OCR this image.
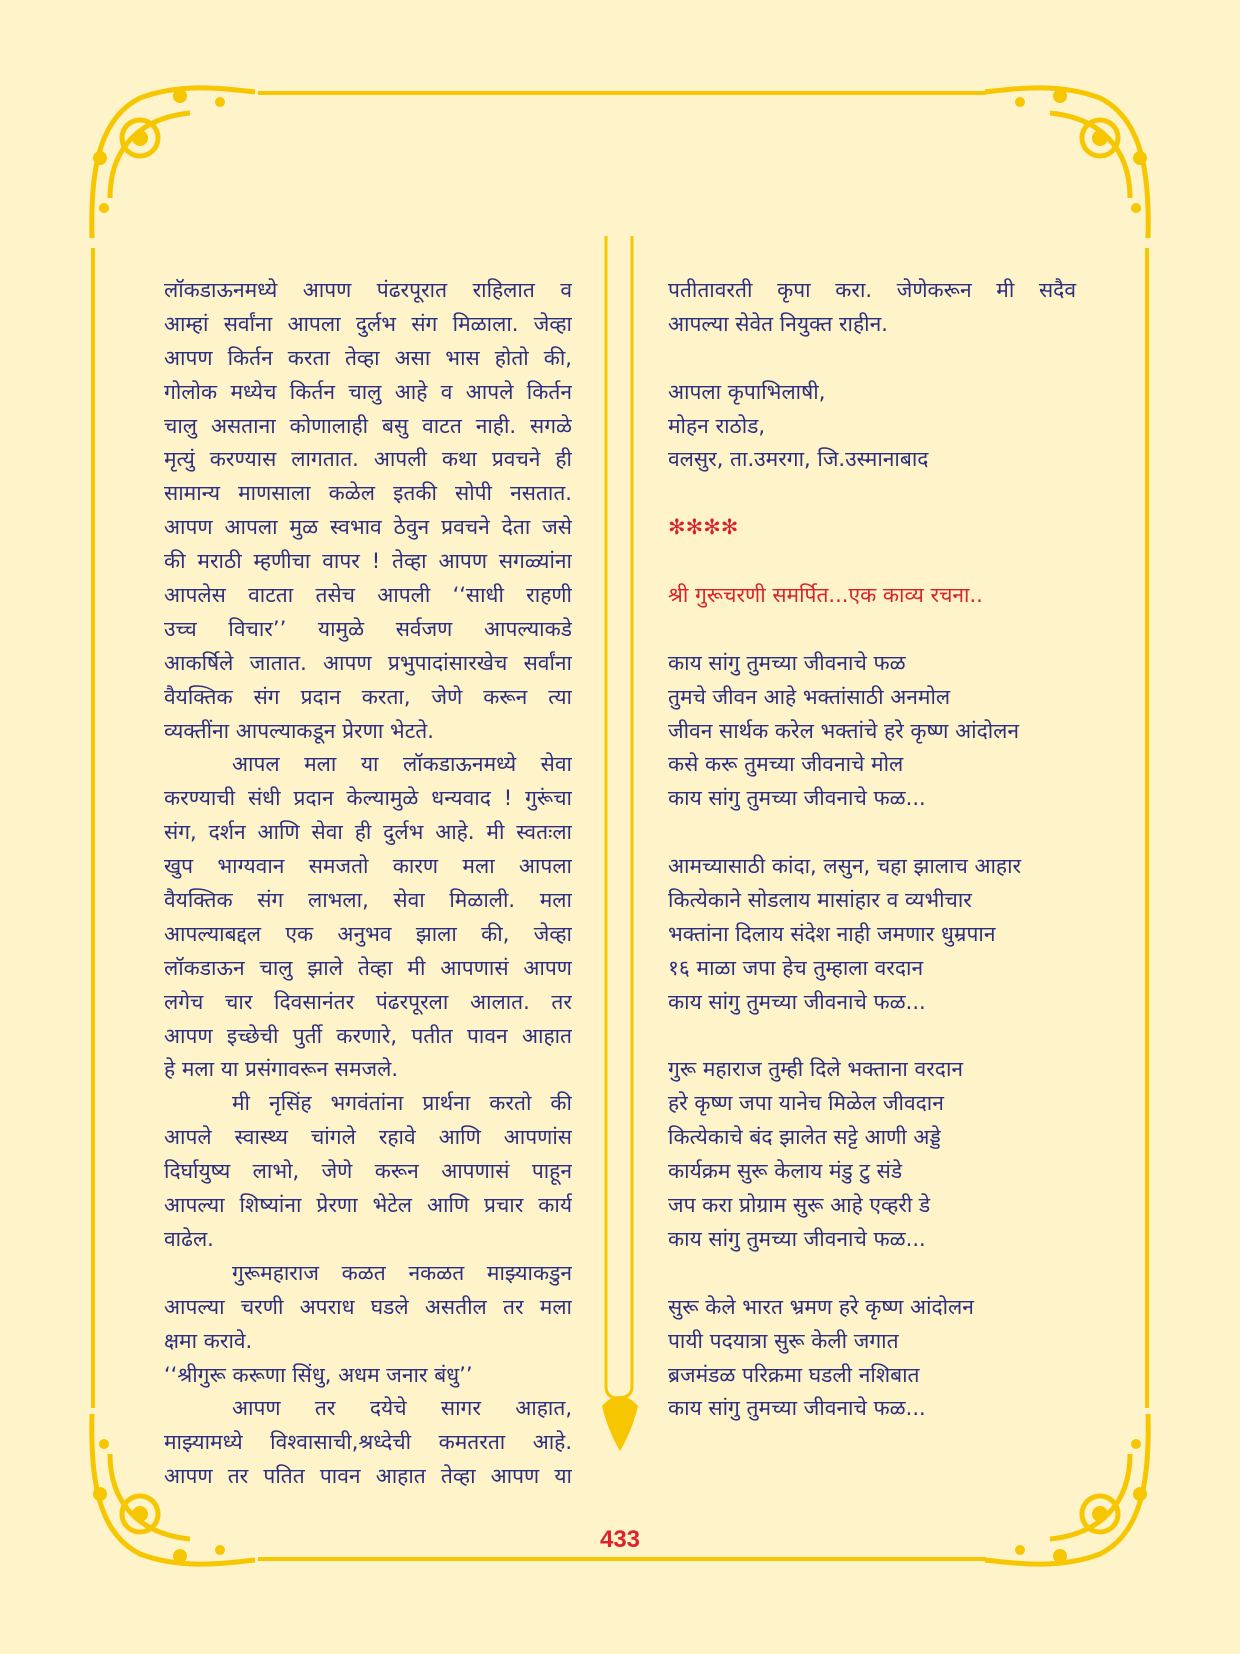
लॉकडाऊनमध्ये आपण पंढरपूरात राहिलात व
आम्हां सर्वांना आपला दुर्लभ संग मिळाला. जेव्हा
आपण किर्तन करता तेव्हा असा भास होतो की,
गोलोक मध्येच किर्तन चालु आहे व आपले किर्तन
चालु असताना कोणालाही बसु वाटत नाही. सगळे
मृत्युं करण्यास लागतात. आपली कथा प्रवचने ही
सामान्य माणसाला कळेल इतकी सोपी नसतात.
आपण आपला मुळ स्वभाव ठेवुन प्रवचने देता जसे
की मराठी म्हणीचा वापर ! तेव्हा आपण सगळ्यांना
आपलेस वाटता तसेच आपली ‘‘साधी राहणी
उच्च विचार’’ यामुळे सर्वजण आपल्याकडे
आकर्षिले जातात. आपण प्रभुपादांसारखेच सर्वांना
वैयक्तिक संग प्रदान करता, जेणे करून त्या
व्यक्तींना आपल्याकडून प्रेरणा भेटते.
आपल मला या लॉकडाऊनमध्ये सेवा
करण्याची संधी प्रदान केल्यामुळे धन्यवाद ! गुरूंचा
संग, दर्शन आणि सेवा ही दुर्लभ आहे. मी स्वतःला
खुप भाग्यवान समजतो कारण मला आपला
वैयक्तिक संग लाभला, सेवा मिळाली. मला
आपल्याबद्दल एक अनुभव झाला की, जेव्हा
लॉकडाऊन चालु झाले तेव्हा मी आपणासं आपण
लगेच चार दिवसानंतर पंढरपूरला आलात. तर
आपण इच्छेची पुर्ती करणारे, पतीत पावन आहात
हे मला या प्रसंगावरून समजले.
मी नृसिंह भगवंतांना प्रार्थना करतो की
आपले स्वास्थ्य चांगले रहावे आणि आपणांस
दिर्घायुष्य लाभो, जेणे करून आपणासं पाहून
आपल्या शिष्यांना प्रेरणा भेटेल आणि प्रचार कार्य
वाढेल.
गुरूमहाराज कळत नकळत माझ्याकडुन
आपल्या चरणी अपराध घडले असतील तर मला
क्षमा करावे.
‘‘श्रीगुरू करूणा सिंधु, अधम जनार बंधु’’
आपण तर दयेचे सागर आहात,
माझ्यामध्ये विश्वासाची,श्रध्देची कमतरता आहे.
आपण तर पतित पावन आहात तेव्हा आपण या
पतीतावरती कृपा करा. जेणेकरून मी सदैव
आपल्या सेवेत नियुक्त राहीन.
आपला कृपाभिलाषी,
मोहन राठोड,
वलसुर, ता.उमरगा, जि.उस्मानाबाद
✻✻✻✻
श्री गुरूचरणी समर्पित...एक काव्य रचना..
काय सांगु तुमच्या जीवनाचे फळ
तुमचे जीवन आहे भक्तांसाठी अनमोल
जीवन सार्थक करेल भक्तांचे हरे कृष्ण आंदोलन
कसे करू तुमच्या जीवनाचे मोल
काय सांगु तुमच्या जीवनाचे फळ...
आमच्यासाठी कांदा, लसुन, चहा झालाच आहार
कित्येकाने सोडलाय मासांहार व व्यभीचार
भक्तांना दिलाय संदेश नाही जमणार धुम्रपान
१६ माळा जपा हेच तुम्हाला वरदान
काय सांगु तुमच्या जीवनाचे फळ...
गुरू महाराज तुम्ही दिले भक्ताना वरदान
हरे कृष्ण जपा यानेच मिळेल जीवदान
कित्येकाचे बंद झालेत सट्टे आणी अड्डे
कार्यक्रम सुरू केलाय मंडु टु संडे
जप करा प्रोग्राम सुरू आहे एव्हरी डे
काय सांगु तुमच्या जीवनाचे फळ...
सुरू केले भारत भ्रमण हरे कृष्ण आंदोलन
पायी पदयात्रा सुरू केली जगात
ब्रजमंडळ परिक्रमा घडली नशिबात
काय सांगु तुमच्या जीवनाचे फळ...
433
